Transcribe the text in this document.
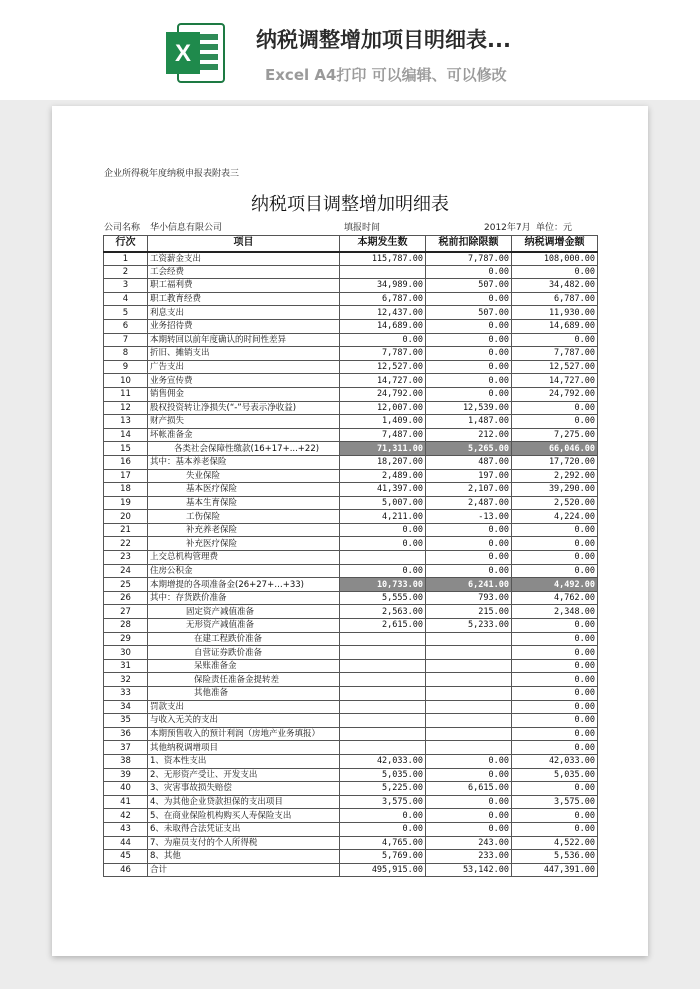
X	纳税调整增加项目明细表...
Excel A4打印 可以编辑、可以修改
企业所得税年度纳税申报表附表三
纳税项目调整增加明细表
公司名称 华小信息有限公司	填报时间	2012年7月 单位：元
行次	项目	本期发生数	税前扣除限额	纳税调增金额
1	工资薪金支出	115,787.00	7,787.00	108,000.00
2	工会经费		0.00	0.00
3	职工福利费	34,989.00	507.00	34,482.00
4	职工教育经费	6,787.00	0.00	6,787.00
5	利息支出	12,437.00	507.00	11,930.00
6	业务招待费	14,689.00	0.00	14,689.00
7	本期转回以前年度确认的时间性差异	0.00	0.00	0.00
8	折旧、摊销支出	7,787.00	0.00	7,787.00
9	广告支出	12,527.00	0.00	12,527.00
10	业务宣传费	14,727.00	0.00	14,727.00
11	销售佣金	24,792.00	0.00	24,792.00
12	股权投资转让净损失(“-”号表示净收益)	12,007.00	12,539.00	0.00
13	财产损失	1,409.00	1,487.00	0.00
14	坏帐准备金	7,487.00	212.00	7,275.00
15	各类社会保障性缴款(16+17+...+22)	71,311.00	5,265.00	66,046.00
16	其中：基本养老保险	18,207.00	487.00	17,720.00
17	失业保险	2,489.00	197.00	2,292.00
18	基本医疗保险	41,397.00	2,107.00	39,290.00
19	基本生育保险	5,007.00	2,487.00	2,520.00
20	工伤保险	4,211.00	-13.00	4,224.00
21	补充养老保险	0.00	0.00	0.00
22	补充医疗保险	0.00	0.00	0.00
23	上交总机构管理费		0.00	0.00
24	住房公积金	0.00	0.00	0.00
25	本期增提的各项准备金(26+27+…+33)	10,733.00	6,241.00	4,492.00
26	其中：存货跌价准备	5,555.00	793.00	4,762.00
27	固定资产减值准备	2,563.00	215.00	2,348.00
28	无形资产减值准备	2,615.00	5,233.00	0.00
29	在建工程跌价准备			0.00
30	自营证券跌价准备			0.00
31	呆账准备金			0.00
32	保险责任准备金提转差			0.00
33	其他准备			0.00
34	罚款支出			0.00
35	与收入无关的支出			0.00
36	本期预售收入的预计利润（房地产业务填报）			0.00
37	其他纳税调增项目			0.00
38	1、资本性支出	42,033.00	0.00	42,033.00
39	2、无形资产受让、开发支出	5,035.00	0.00	5,035.00
40	3、灾害事故损失赔偿	5,225.00	6,615.00	0.00
41	4、为其他企业贷款担保的支出项目	3,575.00	0.00	3,575.00
42	5、在商业保险机构购买人寿保险支出	0.00	0.00	0.00
43	6、未取得合法凭证支出	0.00	0.00	0.00
44	7、为雇员支付的个人所得税	4,765.00	243.00	4,522.00
45	8、其他	5,769.00	233.00	5,536.00
46	合计	495,915.00	53,142.00	447,391.00
